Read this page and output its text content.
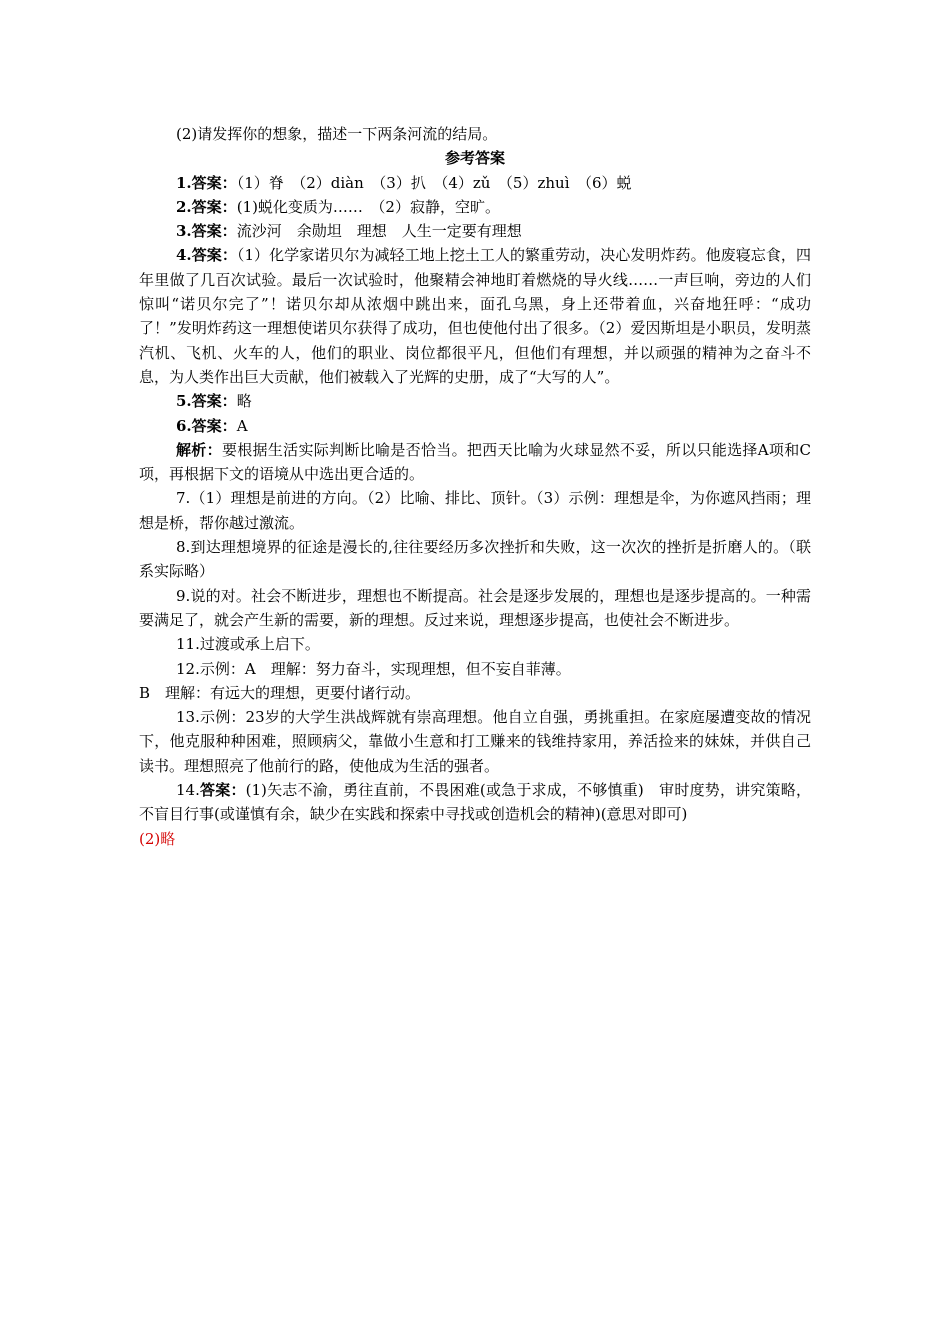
(2)请发挥你的想象，描述一下两条河流的结局。

参考答案

1.答案：（1）脊　（2）diàn　（3）扒　（4）zǔ　（5）zhuì　（6）蜕

2.答案：(1)蜕化变质为……　（2）寂静，空旷。

3.答案：流沙河　余勋坦　理想　人生一定要有理想

4.答案：（1）化学家诺贝尔为减轻工地上挖土工人的繁重劳动，决心发明炸药。他废寝忘食，四年里做了几百次试验。最后一次试验时，他聚精会神地盯着燃烧的导火线……一声巨响，旁边的人们惊叫“诺贝尔完了”！诺贝尔却从浓烟中跳出来，面孔乌黑，身上还带着血，兴奋地狂呼：“成功了！”发明炸药这一理想使诺贝尔获得了成功，但也使他付出了很多。（2）爱因斯坦是小职员，发明蒸汽机、飞机、火车的人，他们的职业、岗位都很平凡，但他们有理想，并以顽强的精神为之奋斗不息，为人类作出巨大贡献，他们被载入了光辉的史册，成了“大写的人”。

5.答案：略

6.答案：A

解析：要根据生活实际判断比喻是否恰当。把西天比喻为火球显然不妥，所以只能选择A项和C项，再根据下文的语境从中选出更合适的。

7.（1）理想是前进的方向。（2）比喻、排比、顶针。（3）示例：理想是伞，为你遮风挡雨；理想是桥，帮你越过激流。

8.到达理想境界的征途是漫长的,往往要经历多次挫折和失败，这一次次的挫折是折磨人的。（联系实际略）

9.说的对。社会不断进步，理想也不断提高。社会是逐步发展的，理想也是逐步提高的。一种需要满足了，就会产生新的需要，新的理想。反过来说，理想逐步提高，也使社会不断进步。

11.过渡或承上启下。

12.示例：A　理解：努力奋斗，实现理想，但不妄自菲薄。

B　理解：有远大的理想，更要付诸行动。

13.示例：23岁的大学生洪战辉就有崇高理想。他自立自强，勇挑重担。在家庭屡遭变故的情况下，他克服种种困难，照顾病父，靠做小生意和打工赚来的钱维持家用，养活捡来的妹妹，并供自己读书。理想照亮了他前行的路，使他成为生活的强者。

14.答案：(1)矢志不渝，勇往直前，不畏困难(或急于求成，不够慎重)　审时度势，讲究策略，不盲目行事(或谨慎有余，缺少在实践和探索中寻找或创造机会的精神)(意思对即可)

(2)略
